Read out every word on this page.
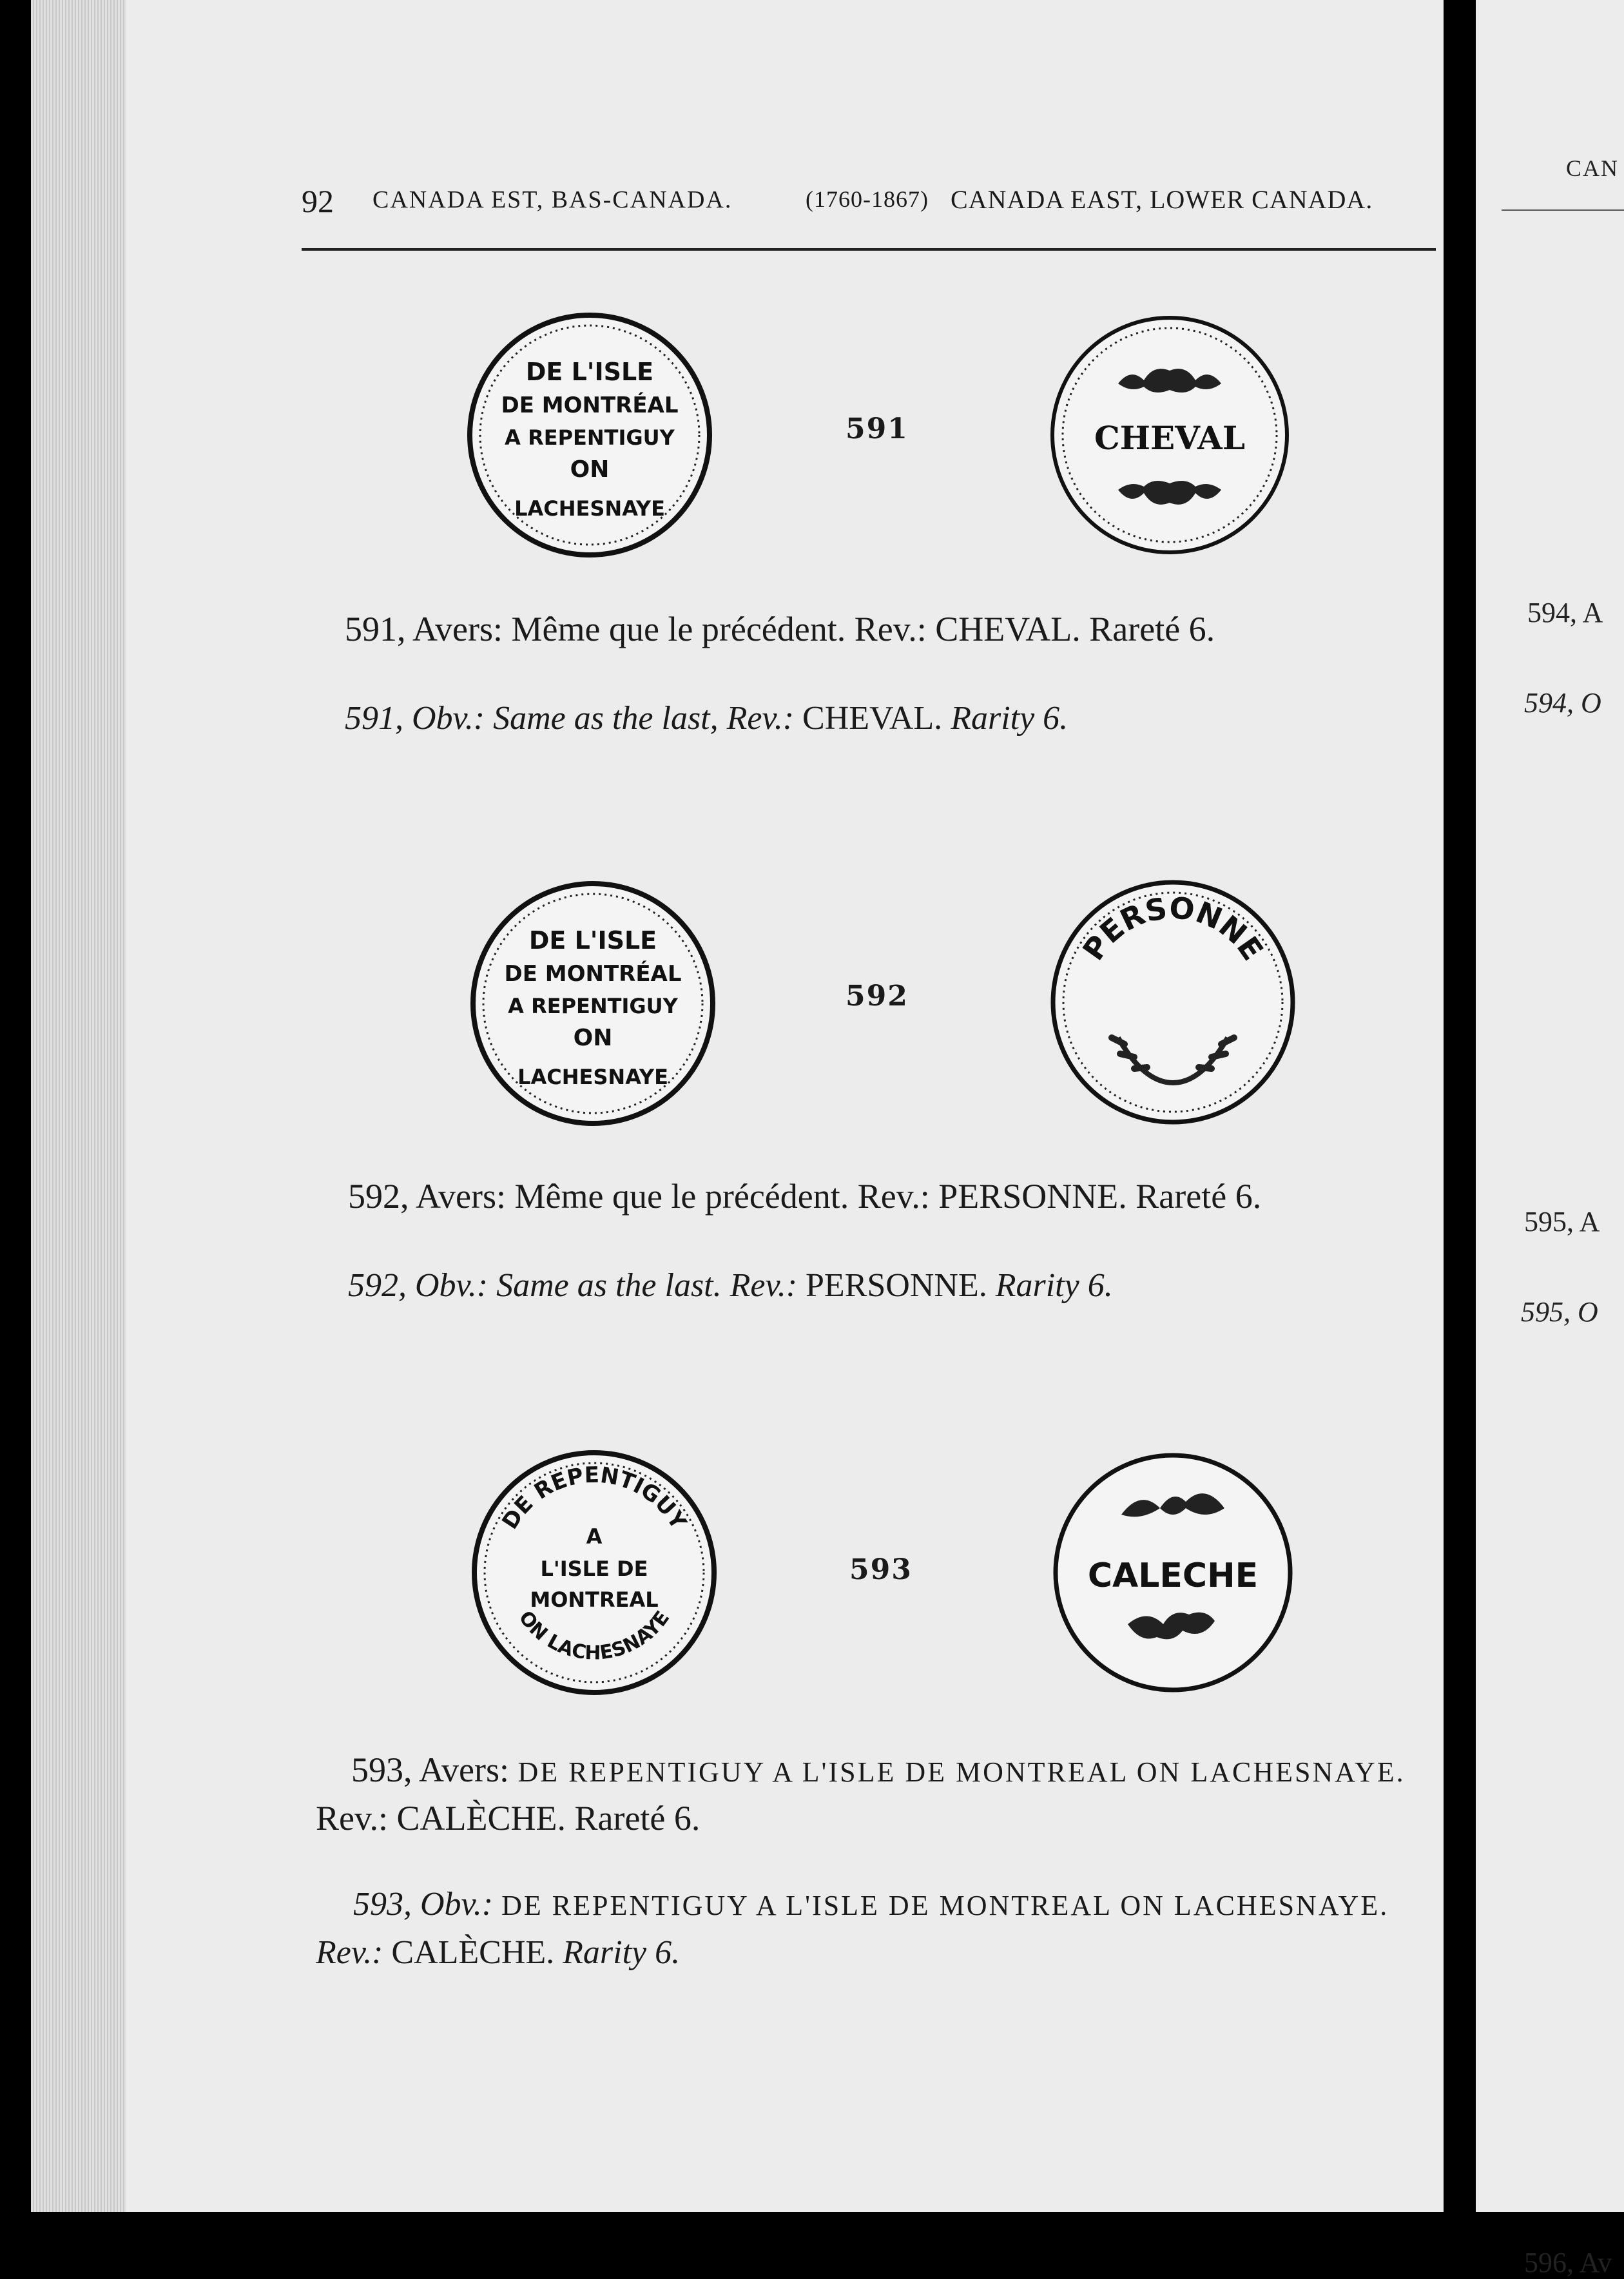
92 CANADA EST, BAS-CANADA.	(1760-1867) CANADA EAST, LOWER CANADA.
DE L'ISLE
DE MONTRÉAL
A REPENTIGUY
ON
LACHESNAYE
591	CHEVAL
591, Avers: Même que le précédent. Rev.: CHEVAL. Rareté 6.
591, Obv.: Same as the last, Rev.: CHEVAL. Rarity 6.
DE L'ISLE
DE MONTRÉAL
A REPENTIGUY
ON
LACHESNAYE
592
PERSONNE
592, Avers: Même que le précédent. Rev.: PERSONNE. Rareté 6.
592, Obv.: Same as the last. Rev.: PERSONNE. Rarity 6.
DE REPENTIGUY
A
L'ISLE DE
MONTREAL
ON LACHESNAYE
593	CALECHE
593, Avers: DE REPENTIGUY A L'ISLE DE MONTREAL ON LACHESNAYE.
Rev.: CALÈCHE. Rareté 6.
593, Obv.: DE REPENTIGUY A L'ISLE DE MONTREAL ON LACHESNAYE.
Rev.: CALÈCHE. Rarity 6.
CAN
594, A
594, O
595, A
595, O
596, Av
